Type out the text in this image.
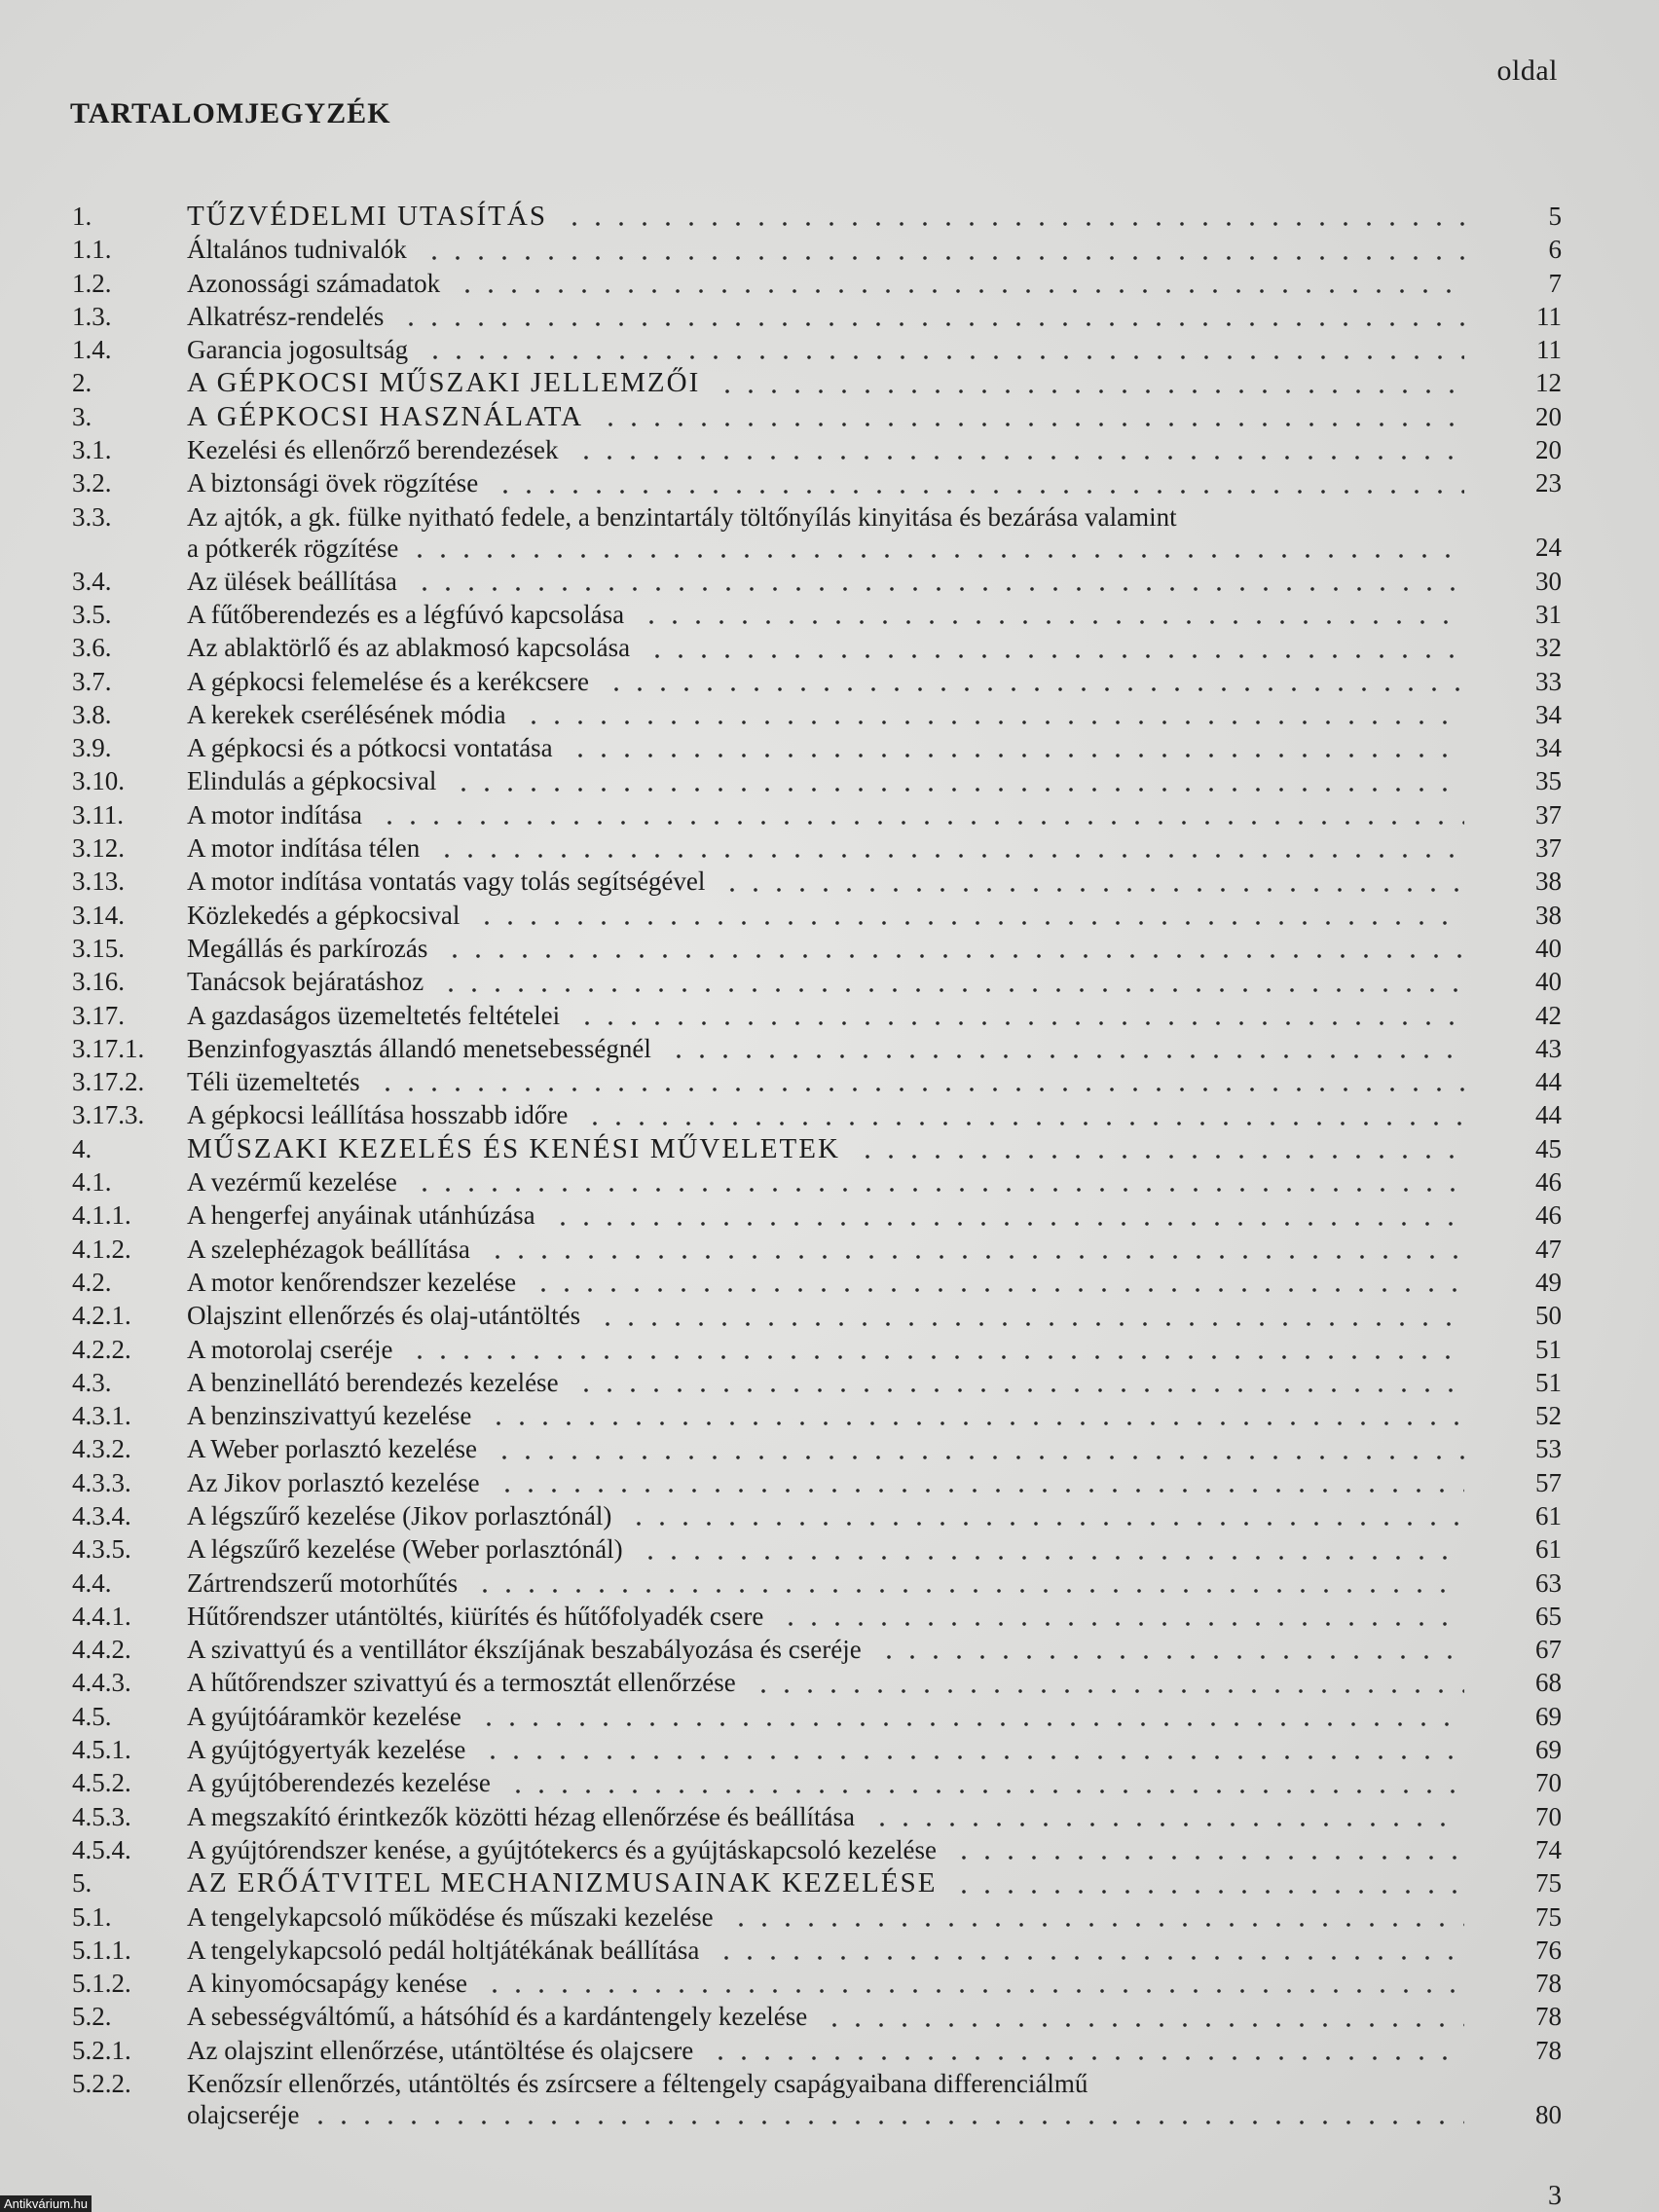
oldal
TARTALOMJEGYZÉK
1.	TŰZVÉDELMI UTASÍTÁS	5
1.1.	Általános tudnivalók	6
1.2.	Azonossági számadatok	7
1.3.	Alkatrész-rendelés	11
1.4.	Garancia jogosultság	11
2.	A GÉPKOCSI MŰSZAKI JELLEMZŐI	12
3.	A GÉPKOCSI HASZNÁLATA	20
3.1.	Kezelési és ellenőrző berendezések	20
3.2.	A biztonsági övek rögzítése	23
3.3.	Az ajtók, a gk. fülke nyitható fedele, a benzintartály töltőnyílás kinyitása és bezárása valamint
a pótkerék rögzítése	24
3.4.	Az ülések beállítása	30
3.5.	A fűtőberendezés es a légfúvó kapcsolása	31
3.6.	Az ablaktörlő és az ablakmosó kapcsolása	32
3.7.	A gépkocsi felemelése és a kerékcsere	33
3.8.	A kerekek cserélésének módia	34
3.9.	A gépkocsi és a pótkocsi vontatása	34
3.10.	Elindulás a gépkocsival	35
3.11.	A motor indítása	37
3.12.	A motor indítása télen	37
3.13.	A motor indítása vontatás vagy tolás segítségével	38
3.14.	Közlekedés a gépkocsival	38
3.15.	Megállás és parkírozás	40
3.16.	Tanácsok bejáratáshoz	40
3.17.	A gazdaságos üzemeltetés feltételei	42
3.17.1.	Benzinfogyasztás állandó menetsebességnél	43
3.17.2.	Téli üzemeltetés	44
3.17.3.	A gépkocsi leállítása hosszabb időre	44
4.	MŰSZAKI KEZELÉS ÉS KENÉSI MŰVELETEK	45
4.1.	A vezérmű kezelése	46
4.1.1.	A hengerfej anyáinak utánhúzása	46
4.1.2.	A szelephézagok beállítása	47
4.2.	A motor kenőrendszer kezelése	49
4.2.1.	Olajszint ellenőrzés és olaj-utántöltés	50
4.2.2.	A motorolaj cseréje	51
4.3.	A benzinellátó berendezés kezelése	51
4.3.1.	A benzinszivattyú kezelése	52
4.3.2.	A Weber porlasztó kezelése	53
4.3.3.	Az Jikov porlasztó kezelése	57
4.3.4.	A légszűrő kezelése (Jikov porlasztónál)	61
4.3.5.	A légszűrő kezelése (Weber porlasztónál)	61
4.4.	Zártrendszerű motorhűtés	63
4.4.1.	Hűtőrendszer utántöltés, kiürítés és hűtőfolyadék csere	65
4.4.2.	A szivattyú és a ventillátor ékszíjának beszabályozása és cseréje	67
4.4.3.	A hűtőrendszer szivattyú és a termosztát ellenőrzése	68
4.5.	A gyújtóáramkör kezelése	69
4.5.1.	A gyújtógyertyák kezelése	69
4.5.2.	A gyújtóberendezés kezelése	70
4.5.3.	A megszakító érintkezők közötti hézag ellenőrzése és beállítása	70
4.5.4.	A gyújtórendszer kenése, a gyújtótekercs és a gyújtáskapcsoló kezelése	74
5.	AZ ERŐÁTVITEL MECHANIZMUSAINAK KEZELÉSE	75
5.1.	A tengelykapcsoló működése és műszaki kezelése	75
5.1.1.	A tengelykapcsoló pedál holtjátékának beállítása	76
5.1.2.	A kinyomócsapágy kenése	78
5.2.	A sebességváltómű, a hátsóhíd és a kardántengely kezelése	78
5.2.1.	Az olajszint ellenőrzése, utántöltése és olajcsere	78
5.2.2.	Kenőzsír ellenőrzés, utántöltés és zsírcsere a féltengely csapágyaibana differenciálmű
olajcseréje	80
Antikvárium.hu	3
